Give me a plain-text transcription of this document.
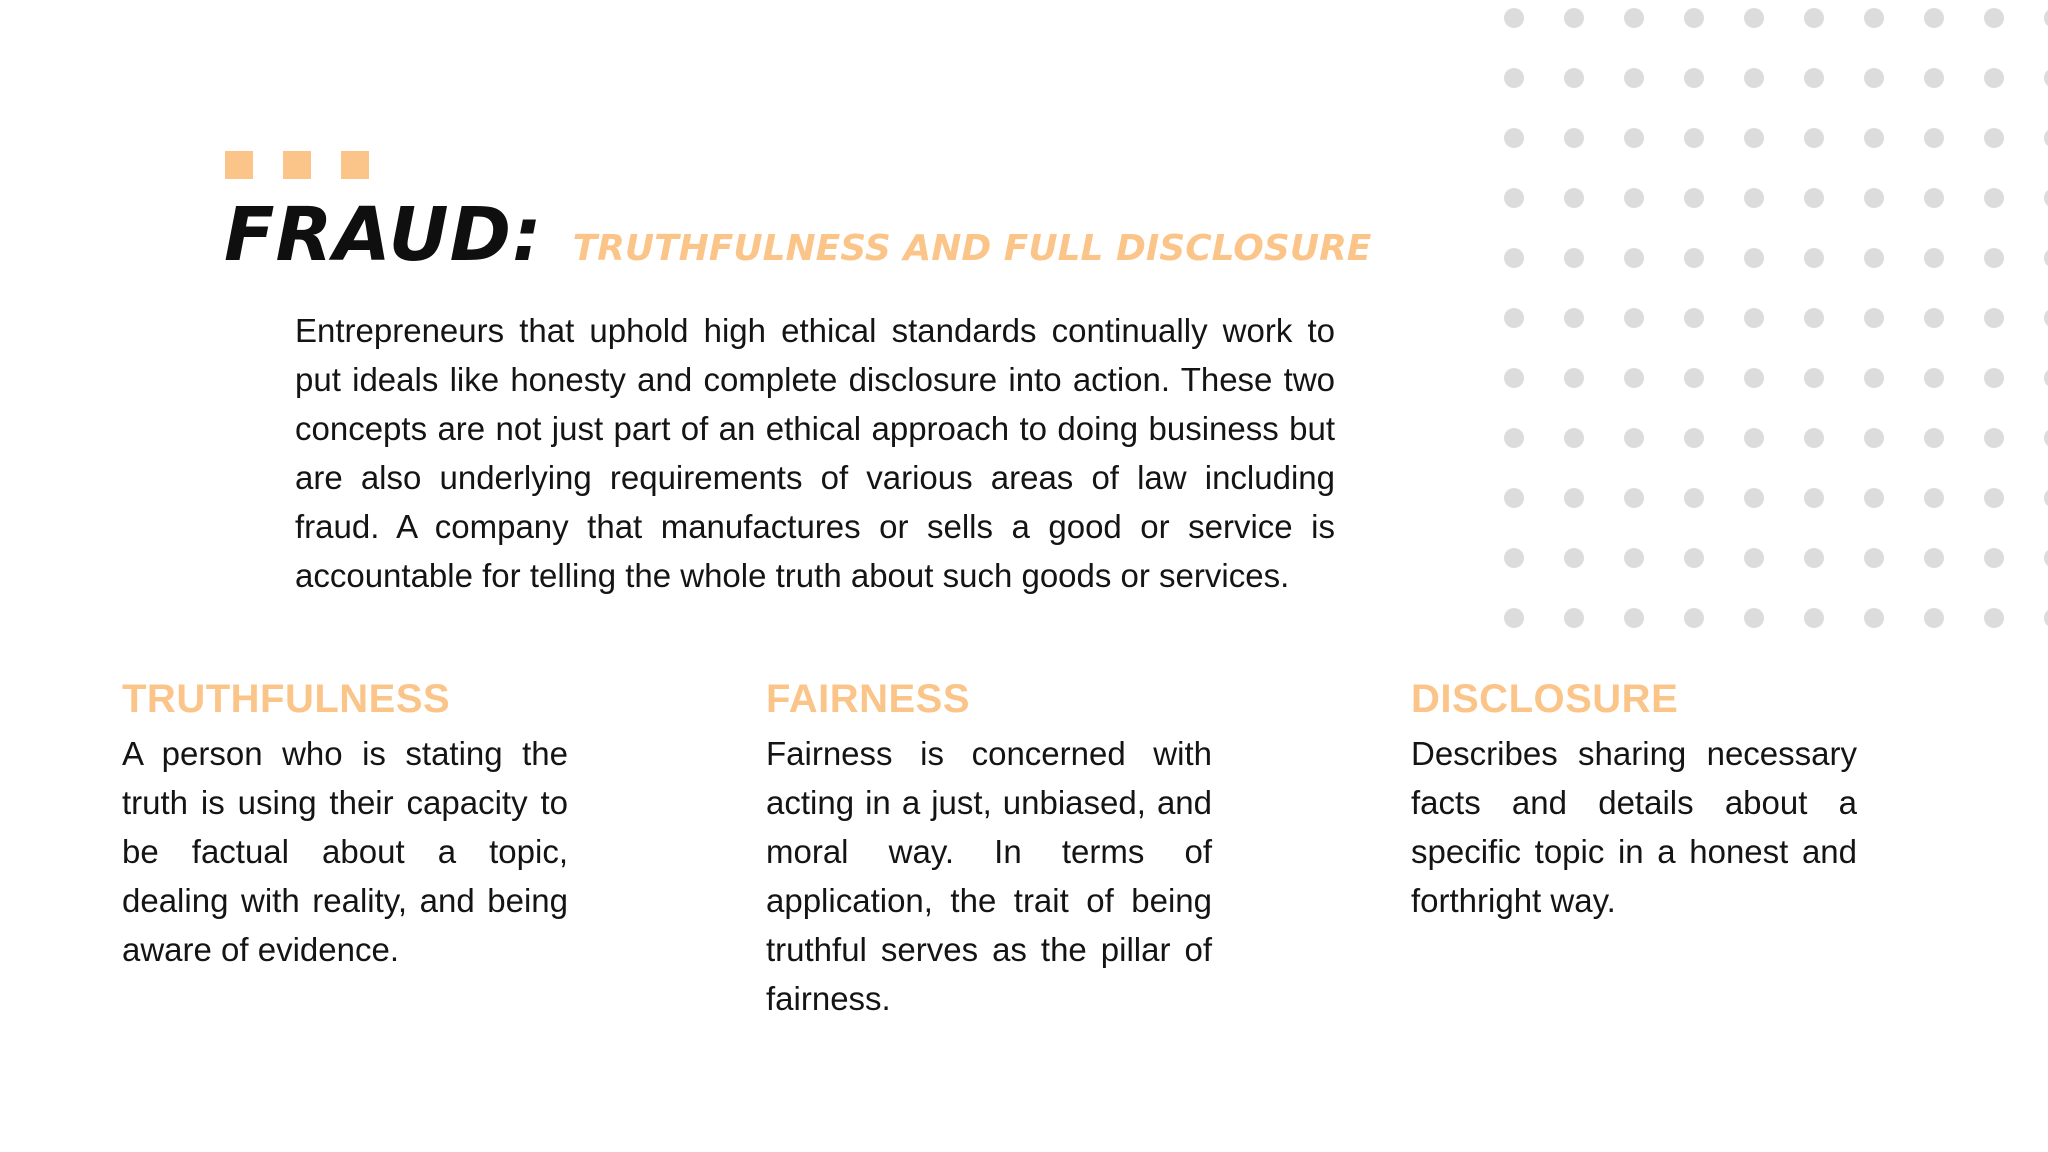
FRAUD: TRUTHFULNESS AND FULL DISCLOSURE

Entrepreneurs that uphold high ethical standards continually work to put ideals like honesty and complete disclosure into action. These two concepts are not just part of an ethical approach to doing business but are also underlying requirements of various areas of law including fraud. A company that manufactures or sells a good or service is accountable for telling the whole truth about such goods or services.

TRUTHFULNESS

A person who is stating the truth is using their capacity to be factual about a topic, dealing with reality, and being aware of evidence.

FAIRNESS

Fairness is concerned with acting in a just, unbiased, and moral way. In terms of application, the trait of being truthful serves as the pillar of fairness.

DISCLOSURE

Describes sharing necessary facts and details about a specific topic in a honest and forthright way.
